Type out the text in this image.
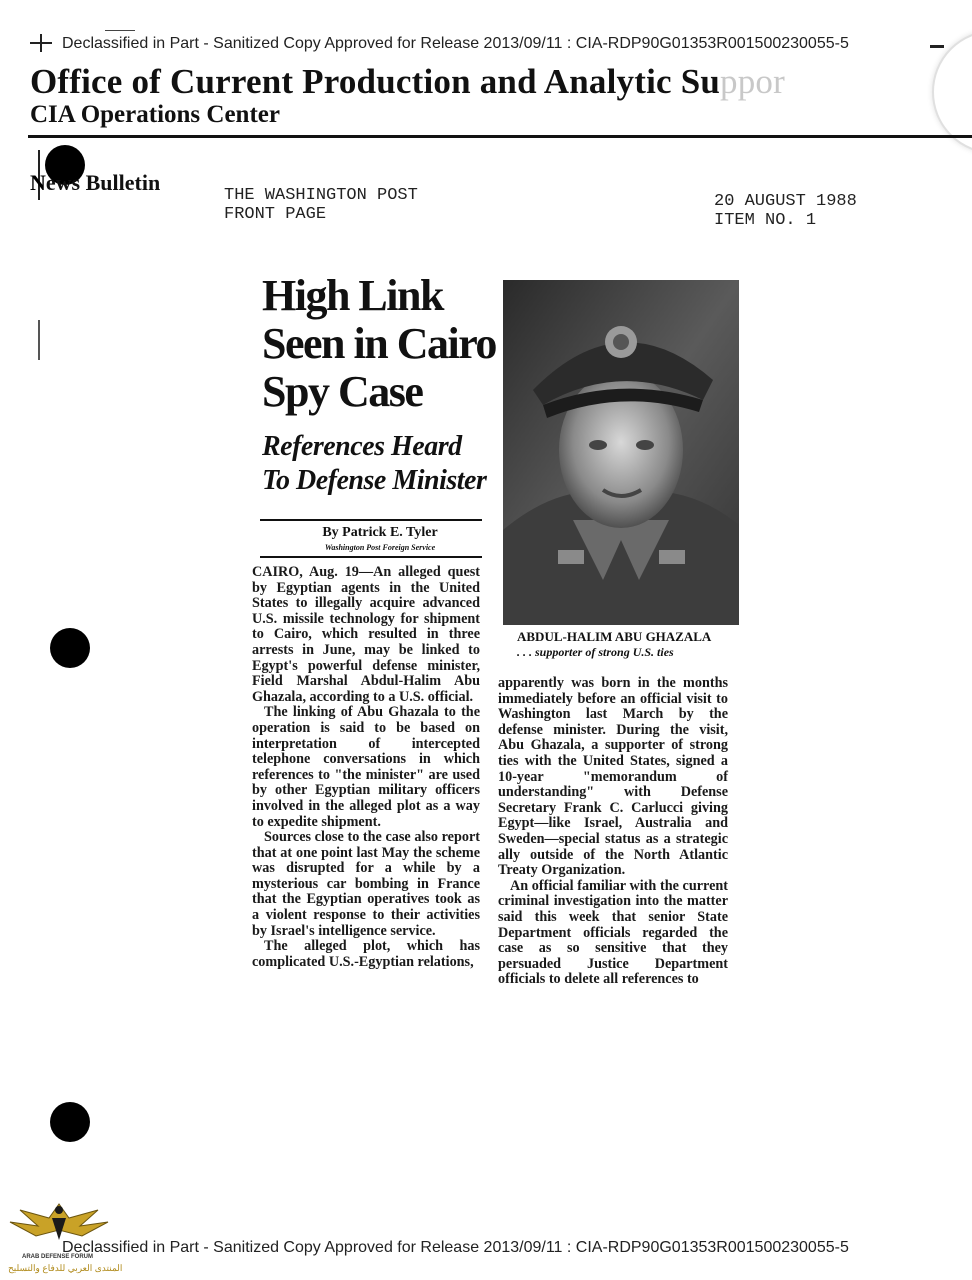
Declassified in Part - Sanitized Copy Approved for Release 2013/09/11 : CIA-RDP90G01353R001500230055-5
Office of Current Production and Analytic Suppor
CIA Operations Center
News Bulletin
THE WASHINGTON POST
FRONT PAGE
20 AUGUST 1988
ITEM NO. 1
High Link
Seen in Cairo
Spy Case
References Heard
To Defense Minister
By Patrick E. Tyler
Washington Post Foreign Service

CAIRO, Aug. 19—An alleged quest by Egyptian agents in the United States to illegally acquire advanced U.S. missile technology for shipment to Cairo, which resulted in three arrests in June, may be linked to Egypt's powerful defense minister, Field Marshal Abdul-Halim Abu Ghazala, according to a U.S. official.

The linking of Abu Ghazala to the operation is said to be based on interpretation of intercepted telephone conversations in which references to "the minister" are used by other Egyptian military officers involved in the alleged plot as a way to expedite shipment.

Sources close to the case also report that at one point last May the scheme was disrupted for a while by a mysterious car bombing in France that the Egyptian operatives took as a violent response to their activities by Israel's intelligence service.

The alleged plot, which has complicated U.S.-Egyptian relations,

ABDUL-HALIM ABU GHAZALA
. . . supporter of strong U.S. ties

apparently was born in the months immediately before an official visit to Washington last March by the defense minister. During the visit, Abu Ghazala, a supporter of strong ties with the United States, signed a 10-year "memorandum of understanding" with Defense Secretary Frank C. Carlucci giving Egypt—like Israel, Australia and Sweden—special status as a strategic ally outside of the North Atlantic Treaty Organization.

An official familiar with the current criminal investigation into the matter said this week that senior State Department officials regarded the case as so sensitive that they persuaded Justice Department officials to delete all references to

Declassified in Part - Sanitized Copy Approved for Release 2013/09/11 : CIA-RDP90G01353R001500230055-5
ARAB DEFENSE FORUM
المنتدى العربي للدفاع والتسليح
